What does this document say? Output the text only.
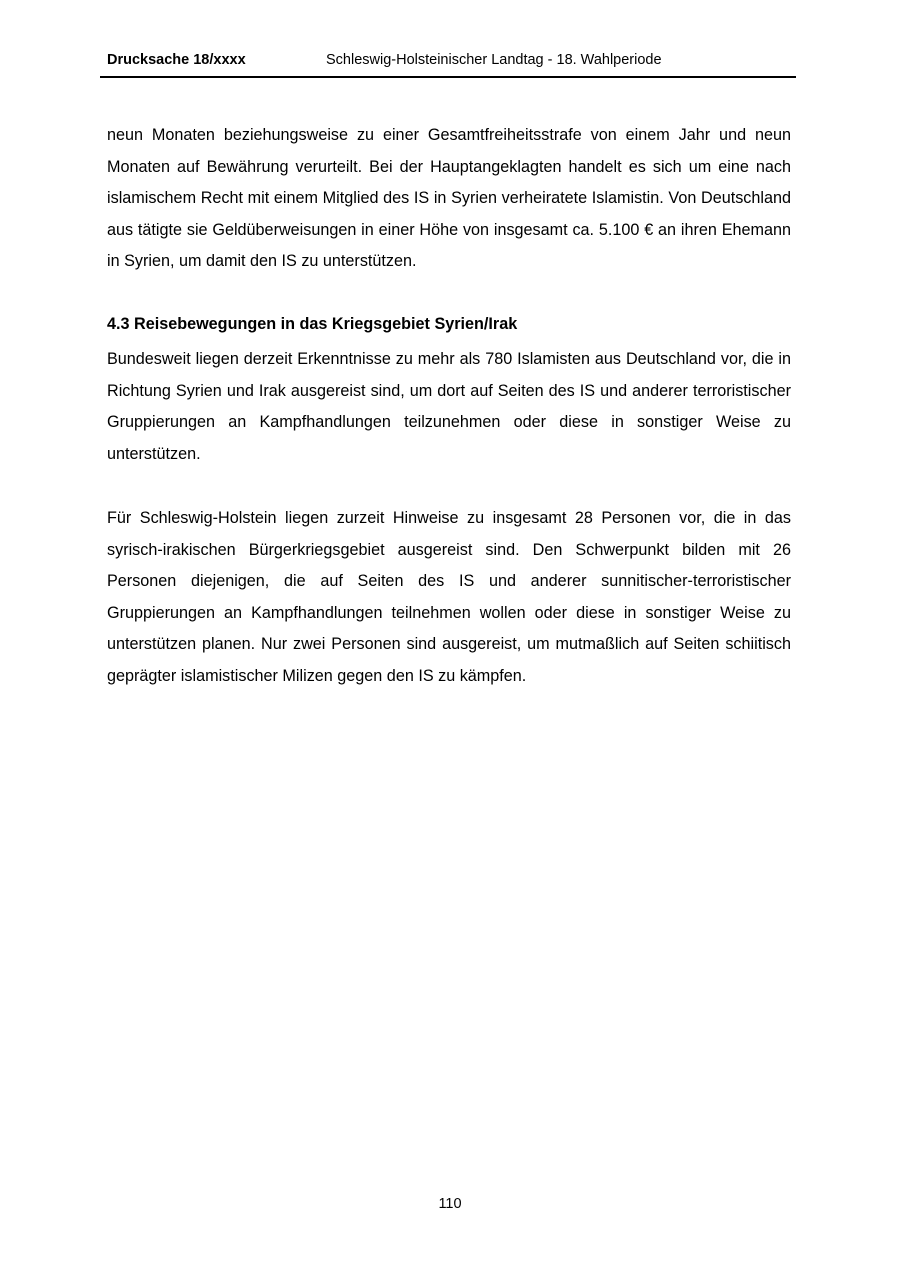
Drucksache 18/xxxx	Schleswig-Holsteinischer Landtag - 18. Wahlperiode

neun Monaten beziehungsweise zu einer Gesamtfreiheitsstrafe von einem Jahr und neun Monaten auf Bewährung verurteilt. Bei der Hauptangeklagten handelt es sich um eine nach islamischem Recht mit einem Mitglied des IS in Syrien verheiratete Islamistin. Von Deutschland aus tätigte sie Geldüberweisungen in einer Höhe von insgesamt ca. 5.100 € an ihren Ehemann in Syrien, um damit den IS zu unterstützen.

4.3 Reisebewegungen in das Kriegsgebiet Syrien/Irak

Bundesweit liegen derzeit Erkenntnisse zu mehr als 780 Islamisten aus Deutschland vor, die in Richtung Syrien und Irak ausgereist sind, um dort auf Seiten des IS und anderer terroristischer Gruppierungen an Kampfhandlungen teilzunehmen oder diese in sonstiger Weise zu unterstützen.

Für Schleswig-Holstein liegen zurzeit Hinweise zu insgesamt 28 Personen vor, die in das syrisch-irakischen Bürgerkriegsgebiet ausgereist sind. Den Schwerpunkt bilden mit 26 Personen diejenigen, die auf Seiten des IS und anderer sunnitischer-terroristischer Gruppierungen an Kampfhandlungen teilnehmen wollen oder diese in sonstiger Weise zu unterstützen planen. Nur zwei Personen sind ausgereist, um mutmaßlich auf Seiten schiitisch geprägter islamistischer Milizen gegen den IS zu kämpfen.

110
